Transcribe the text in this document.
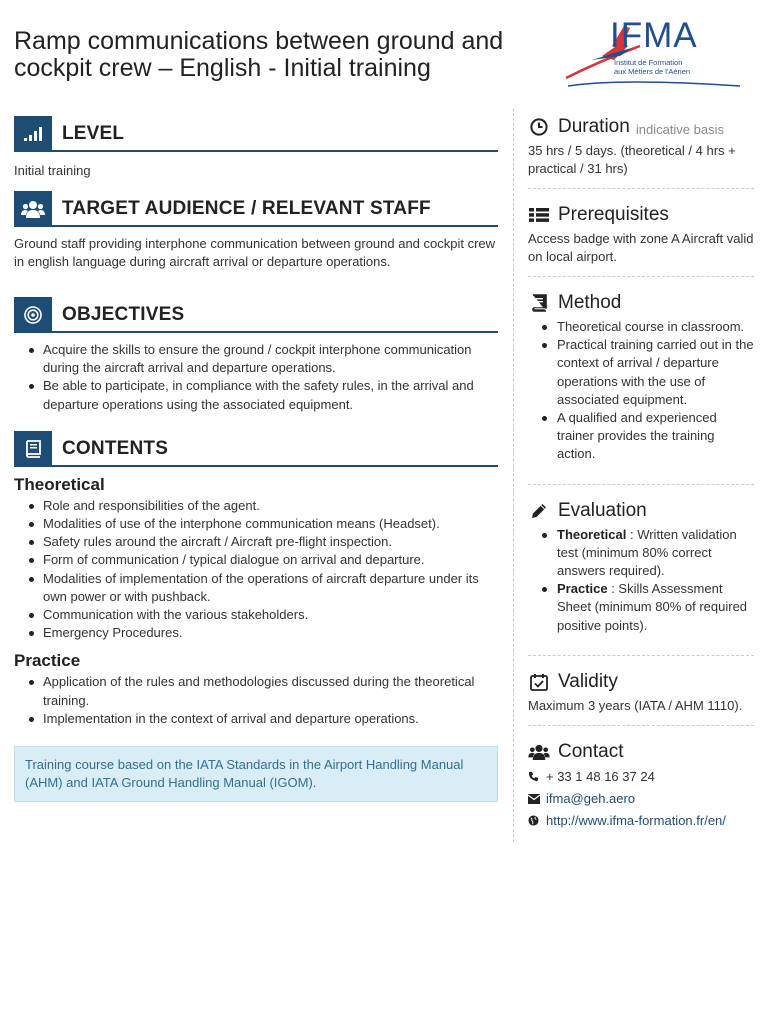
Ramp communications between ground and cockpit crew – English - Initial training
IFMA
Institut de Formation
aux Métiers de l'Aérien
LEVEL
Initial training
TARGET AUDIENCE / RELEVANT STAFF
Ground staff providing interphone communication between ground and cockpit crew in english language during aircraft arrival or departure operations.
OBJECTIVES
Acquire the skills to ensure the ground / cockpit interphone communication during the aircraft arrival and departure operations.
Be able to participate, in compliance with the safety rules, in the arrival and departure operations using the associated equipment.
CONTENTS
Theoretical
Role and responsibilities of the agent.
Modalities of use of the interphone communication means (Headset).
Safety rules around the aircraft / Aircraft pre-flight inspection.
Form of communication / typical dialogue on arrival and departure.
Modalities of implementation of the operations of aircraft departure under its own power or with pushback.
Communication with the various stakeholders.
Emergency Procedures.
Practice
Application of the rules and methodologies discussed during the theoretical training.
Implementation in the context of arrival and departure operations.
Training course based on the IATA Standards in the Airport Handling Manual (AHM) and IATA Ground Handling Manual (IGOM).
Duration indicative basis
35 hrs / 5 days. (theoretical / 4 hrs + practical / 31 hrs)
Prerequisites
Access badge with zone A Aircraft valid on local airport.
Method
Theoretical course in classroom.
Practical training carried out in the context of arrival / departure operations with the use of associated equipment.
A qualified and experienced trainer provides the training action.
Evaluation
Theoretical : Written validation test (minimum 80% correct answers required).
Practice : Skills Assessment Sheet (minimum 80% of required positive points).
Validity
Maximum 3 years (IATA / AHM 1110).
Contact
+ 33 1 48 16 37 24
ifma@geh.aero
http://www.ifma-formation.fr/en/
